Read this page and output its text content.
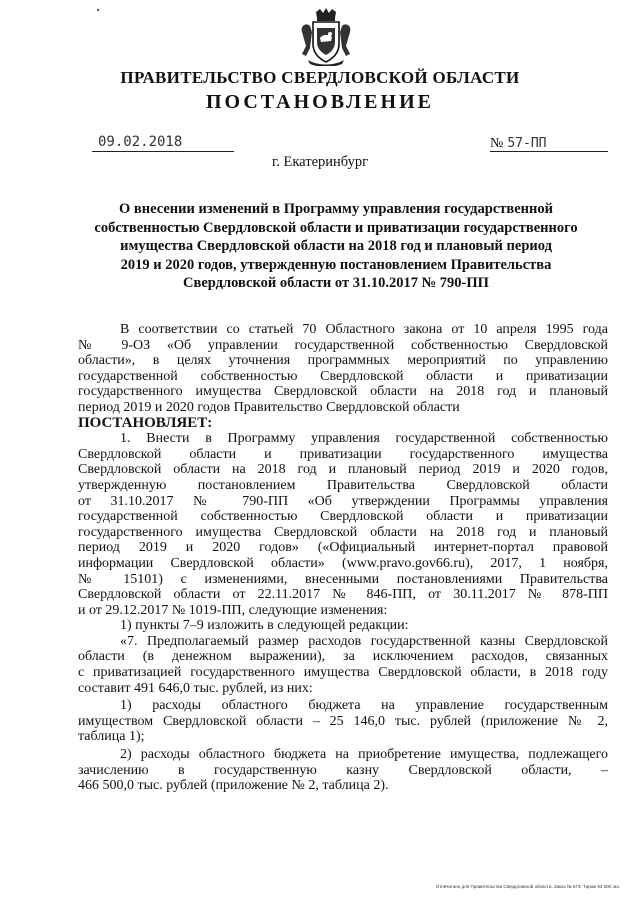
ПРАВИТЕЛЬСТВО СВЕРДЛОВСКОЙ ОБЛАСТИ
ПОСТАНОВЛЕНИЕ
09.02.2018	№ 57-ПП
г. Екатеринбург
О внесении изменений в Программу управления государственной
собственностью Свердловской области и приватизации государственного
имущества Свердловской области на 2018 год и плановый период
2019 и 2020 годов, утвержденную постановлением Правительства
Свердловской области от 31.10.2017 № 790-ПП
В соответствии со статьей 70 Областного закона от 10 апреля 1995 года
№ 9-ОЗ «Об управлении государственной собственностью Свердловской
области», в целях уточнения программных мероприятий по управлению
государственной собственностью Свердловской области и приватизации
государственного имущества Свердловской области на 2018 год и плановый
период 2019 и 2020 годов Правительство Свердловской области
ПОСТАНОВЛЯЕТ:
1. Внести в Программу управления государственной собственностью
Свердловской области и приватизации государственного имущества
Свердловской области на 2018 год и плановый период 2019 и 2020 годов,
утвержденную постановлением Правительства Свердловской области
от 31.10.2017 № 790-ПП «Об утверждении Программы управления
государственной собственностью Свердловской области и приватизации
государственного имущества Свердловской области на 2018 год и плановый
период 2019 и 2020 годов» («Официальный интернет-портал правовой
информации Свердловской области» (www.pravo.gov66.ru), 2017, 1 ноября,
№ 15101) с изменениями, внесенными постановлениями Правительства
Свердловской области от 22.11.2017 № 846-ПП, от 30.11.2017 № 878-ПП
и от 29.12.2017 № 1019-ПП, следующие изменения:
1) пункты 7–9 изложить в следующей редакции:
«7. Предполагаемый размер расходов государственной казны Свердловской
области (в денежном выражении), за исключением расходов, связанных
с приватизацией государственного имущества Свердловской области, в 2018 году
составит 491 646,0 тыс. рублей, из них:
1) расходы областного бюджета на управление государственным
имуществом Свердловской области – 25 146,0 тыс. рублей (приложение № 2,
таблица 1);
2) расходы областного бюджета на приобретение имущества, подлежащего
зачислению в государственную казну Свердловской области, –
466 500,0 тыс. рублей (приложение № 2, таблица 2).
Отпечатано для Правительства Свердловской области. Заказ № 573. Тираж 94 000 экз.
